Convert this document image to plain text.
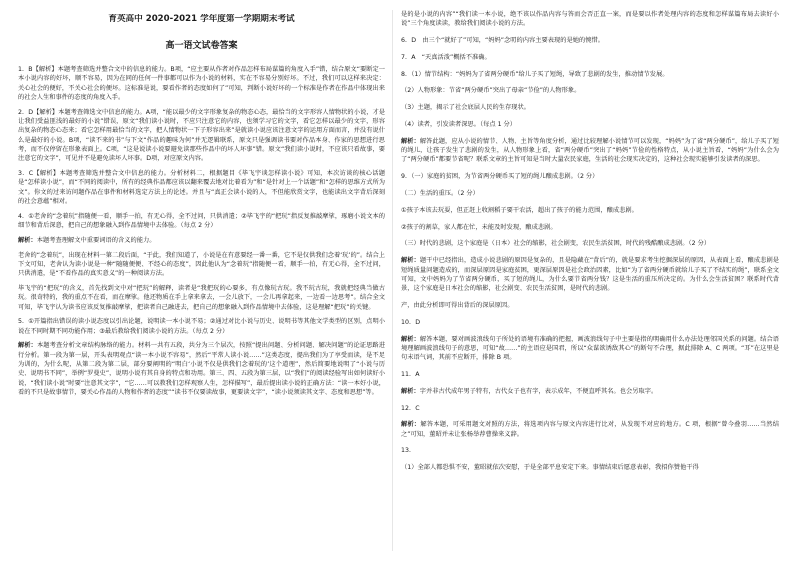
育英高中 2020-2021 学年度第一学期期末考试
高一语文试卷答案

1．B【解析】本题考查筛选并整合文中的信息的能力。B项，“应主要从作者对作品怎样布局谋篇的角度入手”错，结合原文“要断定一本小说内容的好坏，顺不容易，因为在同的任何一件事都可以作为小说的材料，实在不容易分别好坏。不过，我们可以这样来决定：关心社会的便好，不关心社会的便坏。这标准是说，要看作者的态度如何了”可知，判断小说好坏的一个标准是作者在作品中体现出来的社会人生和事件的态度的角度入手。

2．D【解析】本题考查筛选文中信息的能力。A项，“能以最少的文字形象复杂的物态心态，最恰当的文字形容人情物状的小说，才是让我们受益匪浅的最好的小说”错误，原文“我们读小说时，不应只注意它的内容，也须学习它的文字，看它怎样以最少的文字，形容出复杂的物态心态来；看它怎样用最恰当的文字，把人情物状一下子形容出来”是就读小说应该注意文字的运用方面而言，并没有说什么是最好的小说。B项，“读不来的书”与下文“作品的趣味为何”并无逻辑联系，原文只是强调读书要对作品本身、作家的思想进行思考，而不仅停留在形象表面上。C项，“这是说读小说要避免读那些作品中的坏人坏事”错。原文“我们读小说时，不应该只看故事，要注意它的文字”，可见并不是避免读坏人坏事。D项，对应原文内容。

3．C【解析】本题考查筛选并整合文中信息的能力。分析材料二，根据题目《毕飞宇谈怎样读小说》可知，本次访谈的核心话题是“怎样读小说”，而“不同的阅读中，所有的经典作品都应该以翻来覆去地对比着看为”和“是针对上一个话题”和“怎样的思维方式所为文”。你文的过来访问题作品在事件和材料选定方法上的论述。并且与“真正会读小说的人，不但能欣赏文字，也能读出文字背后深刻的社会意蕴”相对。

4．①老舍的“念着玩”指随便一看，顺手一拍，有无心得，全不过问，只供消遣；②毕飞宇的“把玩”指反复推敲摩挲，琢磨小说文本的细节和背后深意，把自己的想象融入到作品情境中去体验。（每点 2 分）

解析：本题考查理解文中重要词语的含义的能力。

老舍的“念着玩”，出现在材料一第二段后面，“于此，我们知道了，小说是在有意要经一番一番，它不是仅供我们念着‘玩’的”。结合上下文可知，老舍认为读小说是一种“随随便便、不经心的态度”，因此他认为“念着玩”指随便一看，顺手一拍，有无心得，全不过问，只供消遣，是“不看作品的真实意义”的一种阅读方法。

毕飞宇的“把玩”的含义，首先找到文中对“把玩”的解释，读者是“我把玩的心要多，有点像玩古玩。我不玩古玩，我就把经典当做古玩。很奇特的，我的重点不在看，而在摩挲。他还物质在手上拿来拿去，一会儿放下，一会儿再拿起来，一边看一边思考”。结合全文可知，毕飞宇认为读书应该反复推敲摩挲，把读者自己融进去，把自己的想象融入到作品情境中去体验，这是理解“把玩”的关键。

5．①开篇指出错误的读小说态度以引出论题，说明读一本小说不易；②通过对比小说与历史、说明书等其他文学类型的区别，点明小说在不同时期不同功能作用；③最后教给我们阅读小说的方法。（每点 2 分）

解析：本题考查分析文章结构脉络的能力。材料一共有五段，共分为三个层次，按照“提出问题、分析问题、解决问题”的论证思路进行分析。第一段为第一层，开头表明观点“读一本小说不容易”，然后“平常人读小说……”这类态度，提出我们为了享受而读，是不足为训的，为什么呢，从第二段为第二层，部分要阐明的“明白‘小说不仅是供我们念着玩的’这个道理”，然后简要地说明了“小说与历史、说明书不同”，举例“罗曼史”，说明小说有其自身的特点和功用。第三、四、五段为第三层，以“我们”的阅读经验写出如何读好小说，“我们读小说”时要“注意其文字”，“它……可以教我们怎样观察人生，怎样描写”，最后提出读小说的正确方法：“读一本好小说，看的不只是故事情节，要关心作品的人物和作者的态度”“读书不仅要读故事，更要读文字”，“读小说须读其文字、态度和思想”等。

是的是小说的内容”“我们读一本小说，绝不该以作品内容与答而会否正直一案，而是要以作者处理内容的态度和怎样谋篇布局去读好小说”三个角度读读，教给我们阅读小说的方法。

6．D　由三个“就好了”可知，“妈妈”念叨的内容主要表现的是她的惋惜。

7．A　“天真活泼”概括不准确。

8．（1）情节结构：“妈妈为了省两分硬币”给儿子买了短绳，导致了悲剧的发生，推动情节发展。

（2）人物形象：节省“两分硬币”突出了母亲“节俭”的人物形象。

（3）主题，揭示了社会底层人民的生存现状。

（4）读者，引发读者深思。（每点 1 分）

解析：解答此题，应从小说的情节、人物、主旨等角度分析，通过比较理解小说情节可以发现，“妈妈”为了省“两分硬币”，给儿子买了短的绳儿，让孩子发生了悲剧的发生，从人物形象上看，省“两分硬币”突出了“妈妈”节俭的性格特点，从小说主旨看，“妈妈”为什么会为了“两分硬币”都要节省呢？联系文章的主旨可知是当时大量农民家庭，生活的社会现实决定的，这种社会现实能够引发读者的深思。

9．（一）家庭的贫困，为节省两分硬币买了短的绳儿酿成悲剧。（2 分）

（二）生活的重压。（2 分）

①孩子本该去玩耍，但正赶上收割稻子要干农活，超出了孩子的能力范围，酿成悲剧。

②孩子的割草，家人都在忙，未能及时发现，酿成悲剧。

（三）时代的悲剧，这个家庭是（日本）社会的缩影，社会剧变，农民生活贫困，时代的残酷酿成悲剧。（2 分）

解析：题干中已经指出，造成小说悲剧的原因是复杂的，且是隐藏在“背后”的，就是要求考生挖掘深层的原因，从表面上看，酿成悲剧是短绳质量问题造成的，而深层原因是家庭贫困，更深层原因是社会政治因素，比如“为了省两分硬币就给儿子买了不结实的绳”，联系全文可知，文中妈妈为了节省两分硬币，买了短的绳儿，为什么要节省两分钱？这是生活的重压所决定的。为什么会生活贫困？联系时代背景，这个家庭是日本社会的缩影，社会剧变、农民生活贫困，是时代的悲剧。

产，由此分析即可得出背后的深层原因。

10．D

解析：解答本题，要对画波浪线句子所处的语境有准确的把握，画波浪线句子中主要是指的明确用什么办法处理邻国关系的问题。结合语境理解画波浪线句子的意思，可知“故……”的主语应是国君，所以“众谋欲诱敌其心”的断句不合理，据此排除 A、C 两项。“耳”在这里是句末语气词，其前不应断开，排除 B 项。

11．A

解析：字并非古代成年男子特有，古代女子也有字，表示成年，不便直呼其名。也会另取字。

12．C

解析：解答本题，可采用题文对照的方法，将选项内容与原文内容进行比对，从发现不对应的地方。C 项，根据“曾今叠羽……当然结之”可知，董昭并未让张杨举荐曹操来义辞。

13．

（1）全部人都恐惧不安，董昭就依次安慰，于是全部平息安定下来。事情结束后愿意表彰，我招你赞他干得
